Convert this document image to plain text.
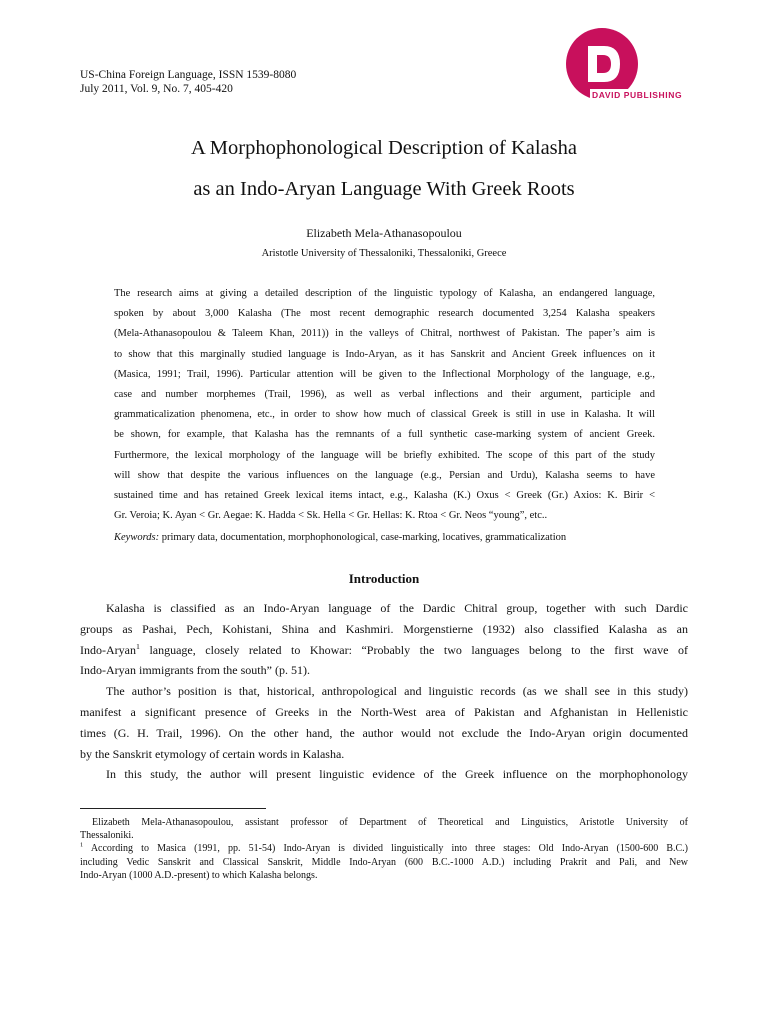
US-China Foreign Language, ISSN 1539-8080
July 2011, Vol. 9, No. 7, 405-420	DAVID PUBLISHING
A Morphophonological Description of Kalasha
as an Indo-Aryan Language With Greek Roots
Elizabeth Mela-Athanasopoulou
Aristotle University of Thessaloniki, Thessaloniki, Greece
The research aims at giving a detailed description of the linguistic typology of Kalasha, an endangered language,
spoken by about 3,000 Kalasha (The most recent demographic research documented 3,254 Kalasha speakers
(Mela-Athanasopoulou & Taleem Khan, 2011)) in the valleys of Chitral, northwest of Pakistan. The paper’s aim is
to show that this marginally studied language is Indo-Aryan, as it has Sanskrit and Ancient Greek influences on it
(Masica, 1991; Trail, 1996). Particular attention will be given to the Inflectional Morphology of the language, e.g.,
case and number morphemes (Trail, 1996), as well as verbal inflections and their argument, participle and
grammaticalization phenomena, etc., in order to show how much of classical Greek is still in use in Kalasha. It will
be shown, for example, that Kalasha has the remnants of a full synthetic case-marking system of ancient Greek.
Furthermore, the lexical morphology of the language will be briefly exhibited. The scope of this part of the study
will show that despite the various influences on the language (e.g., Persian and Urdu), Kalasha seems to have
sustained time and has retained Greek lexical items intact, e.g., Kalasha (K.) Oxus < Greek (Gr.) Axios: K. Birir <
Gr. Veroia; K. Ayan < Gr. Aegae: K. Hadda < Sk. Hella < Gr. Hellas: K. Rtoa < Gr. Neos “young”, etc..
Keywords: primary data, documentation, morphophonological, case-marking, locatives, grammaticalization
Introduction
Kalasha is classified as an Indo-Aryan language of the Dardic Chitral group, together with such Dardic
groups as Pashai, Pech, Kohistani, Shina and Kashmiri. Morgenstierne (1932) also classified Kalasha as an
Indo-Aryan$^1$ language, closely related to Khowar: “Probably the two languages belong to the first wave of
Indo-Aryan immigrants from the south” (p. 51).
The author’s position is that, historical, anthropological and linguistic records (as we shall see in this study)
manifest a significant presence of Greeks in the North-West area of Pakistan and Afghanistan in Hellenistic
times (G. H. Trail, 1996). On the other hand, the author would not exclude the Indo-Aryan origin documented
by the Sanskrit etymology of certain words in Kalasha.
In this study, the author will present linguistic evidence of the Greek influence on the morphophonology
Elizabeth Mela-Athanasopoulou, assistant professor of Department of Theoretical and Linguistics, Aristotle University of
Thessaloniki.
$^1$ According to Masica (1991, pp. 51-54) Indo-Aryan is divided linguistically into three stages: Old Indo-Aryan (1500-600 B.C.)
including Vedic Sanskrit and Classical Sanskrit, Middle Indo-Aryan (600 B.C.-1000 A.D.) including Prakrit and Pali, and New
Indo-Aryan (1000 A.D.-present) to which Kalasha belongs.
